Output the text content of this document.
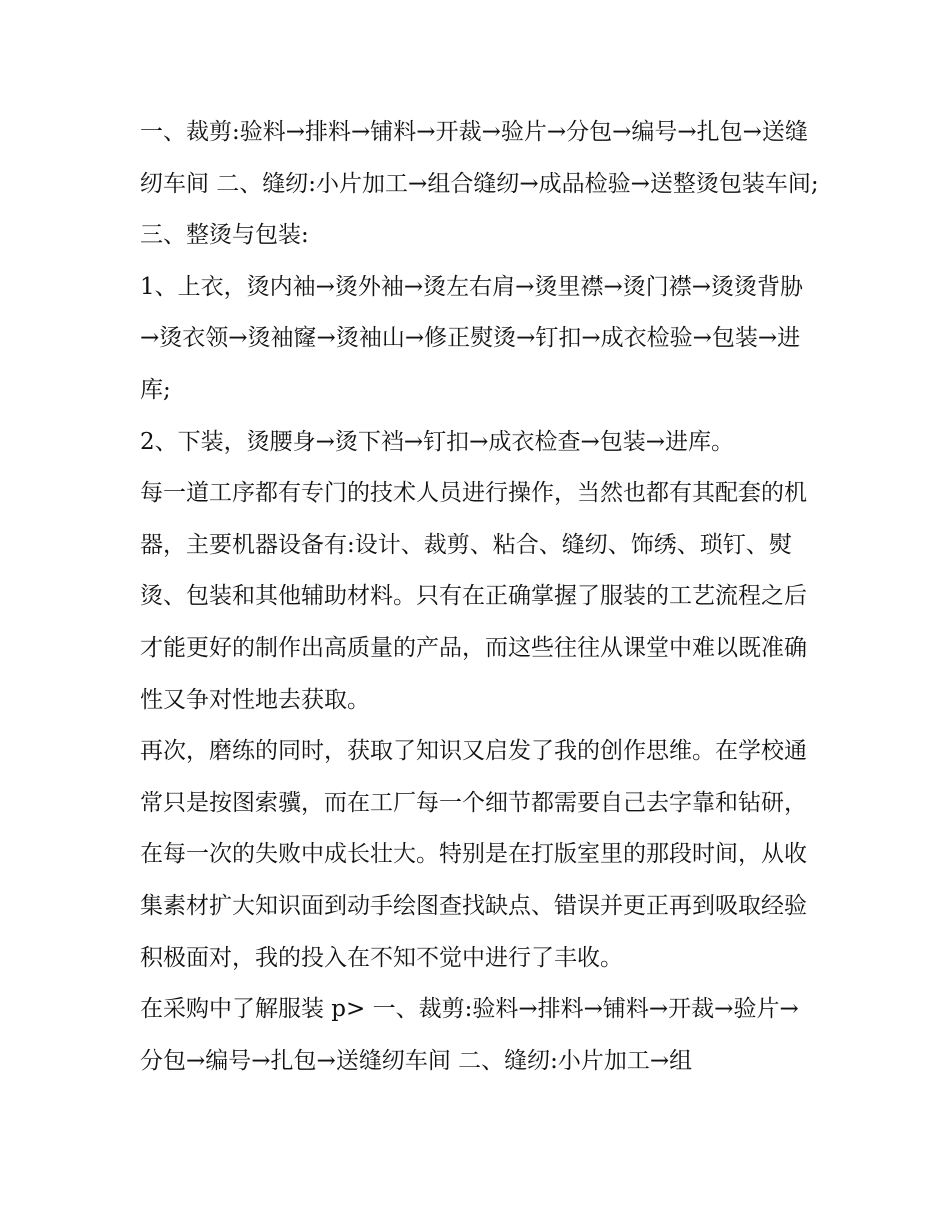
一、裁剪:验料→排料→铺料→开裁→验片→分包→编号→扎包→送缝纫车间 二、缝纫:小片加工→组合缝纫→成品检验→送整烫包装车间; 三、整烫与包装:

1、上衣，烫内袖→烫外袖→烫左右肩→烫里襟→烫门襟→烫烫背胁→烫衣领→烫袖窿→烫袖山→修正熨烫→钉扣→成衣检验→包装→进库;

2、下装，烫腰身→烫下裆→钉扣→成衣检查→包装→进库。

每一道工序都有专门的技术人员进行操作，当然也都有其配套的机器，主要机器设备有:设计、裁剪、粘合、缝纫、饰绣、琐钉、熨烫、包装和其他辅助材料。只有在正确掌握了服装的工艺流程之后才能更好的制作出高质量的产品，而这些往往从课堂中难以既准确性又争对性地去获取。

再次，磨练的同时，获取了知识又启发了我的创作思维。在学校通常只是按图索骥，而在工厂每一个细节都需要自己去字靠和钻研，在每一次的失败中成长壮大。特别是在打版室里的那段时间，从收集素材扩大知识面到动手绘图查找缺点、错误并更正再到吸取经验积极面对，我的投入在不知不觉中进行了丰收。

在采购中了解服装 p> 一、裁剪:验料→排料→铺料→开裁→验片→分包→编号→扎包→送缝纫车间 二、缝纫:小片加工→组
